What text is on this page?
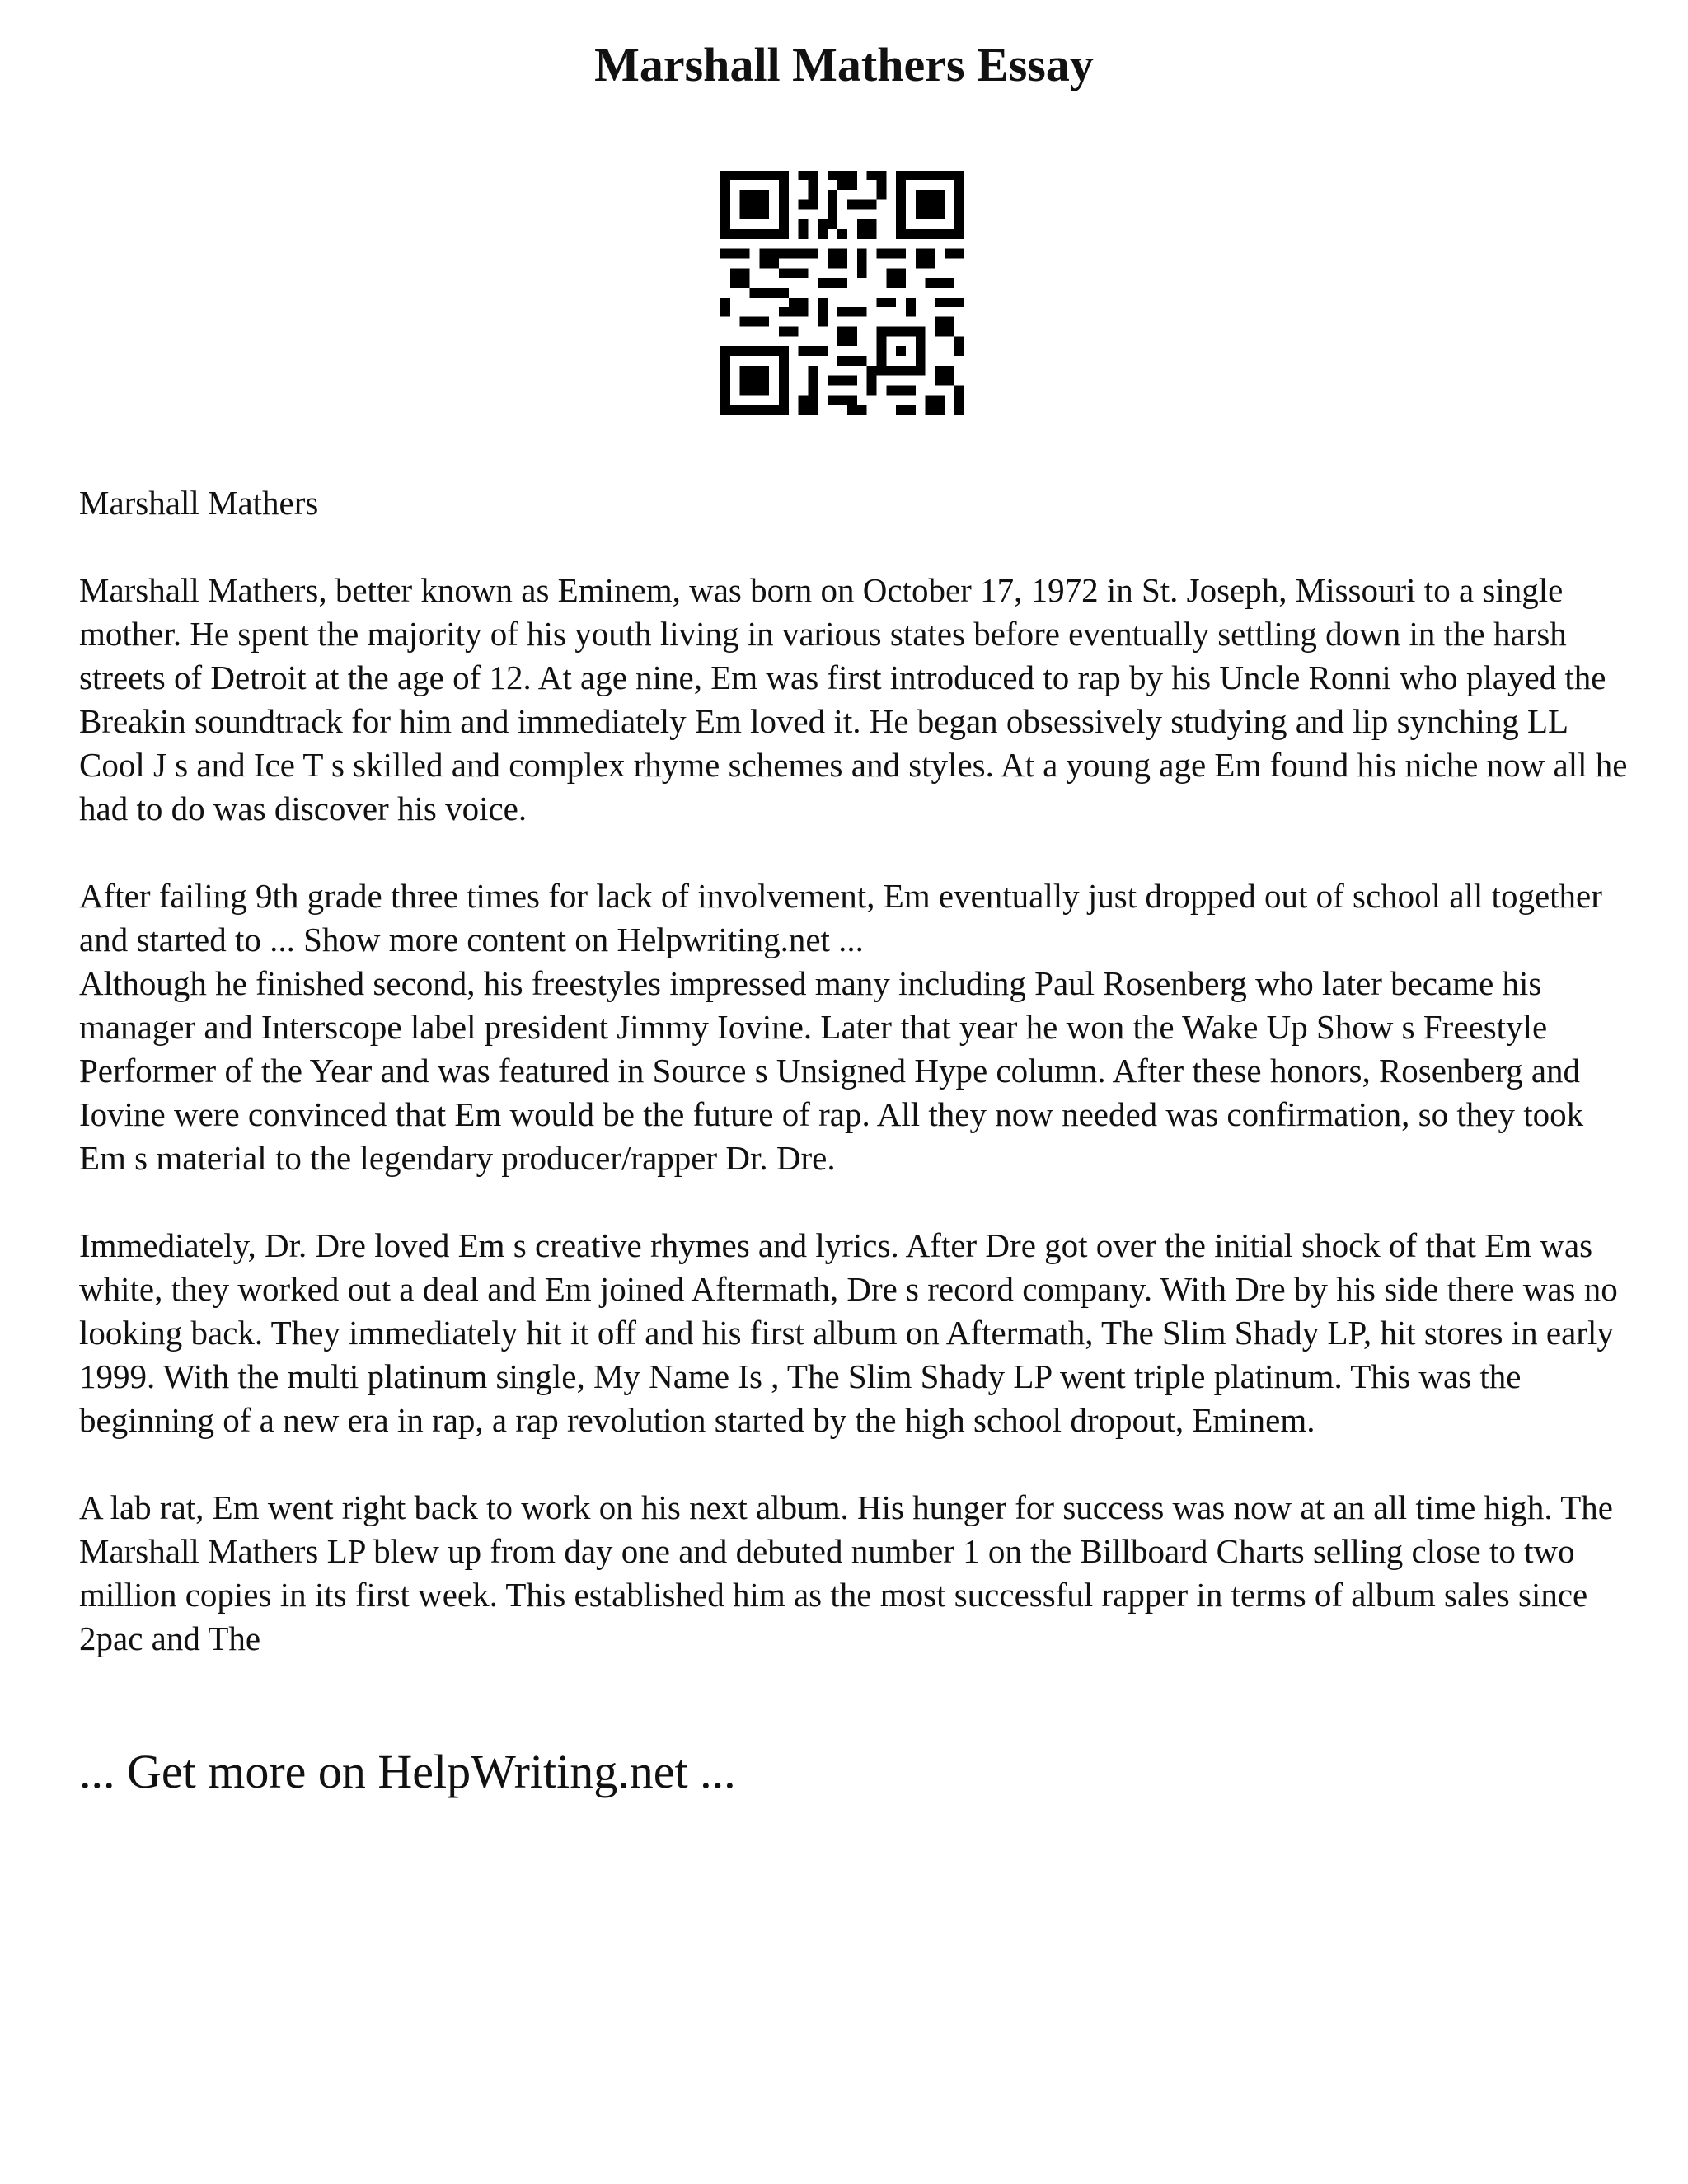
Marshall Mathers Essay

Marshall Mathers

Marshall Mathers, better known as Eminem, was born on October 17, 1972 in St. Joseph, Missouri to a single mother. He spent the majority of his youth living in various states before eventually settling down in the harsh streets of Detroit at the age of 12. At age nine, Em was first introduced to rap by his Uncle Ronni who played the Breakin soundtrack for him and immediately Em loved it. He began obsessively studying and lip synching LL Cool J s and Ice T s skilled and complex rhyme schemes and styles. At a young age Em found his niche now all he had to do was discover his voice.

After failing 9th grade three times for lack of involvement, Em eventually just dropped out of school all together and started to ... Show more content on Helpwriting.net ...

Although he finished second, his freestyles impressed many including Paul Rosenberg who later became his manager and Interscope label president Jimmy Iovine. Later that year he won the Wake Up Show s Freestyle Performer of the Year and was featured in Source s Unsigned Hype column. After these honors, Rosenberg and Iovine were convinced that Em would be the future of rap. All they now needed was confirmation, so they took Em s material to the legendary producer/rapper Dr. Dre.

Immediately, Dr. Dre loved Em s creative rhymes and lyrics. After Dre got over the initial shock of that Em was white, they worked out a deal and Em joined Aftermath, Dre s record company. With Dre by his side there was no looking back. They immediately hit it off and his first album on Aftermath, The Slim Shady LP, hit stores in early 1999. With the multi platinum single, My Name Is , The Slim Shady LP went triple platinum. This was the beginning of a new era in rap, a rap revolution started by the high school dropout, Eminem.

A lab rat, Em went right back to work on his next album. His hunger for success was now at an all time high. The Marshall Mathers LP blew up from day one and debuted number 1 on the Billboard Charts selling close to two million copies in its first week. This established him as the most successful rapper in terms of album sales since 2pac and The

... Get more on HelpWriting.net ...
